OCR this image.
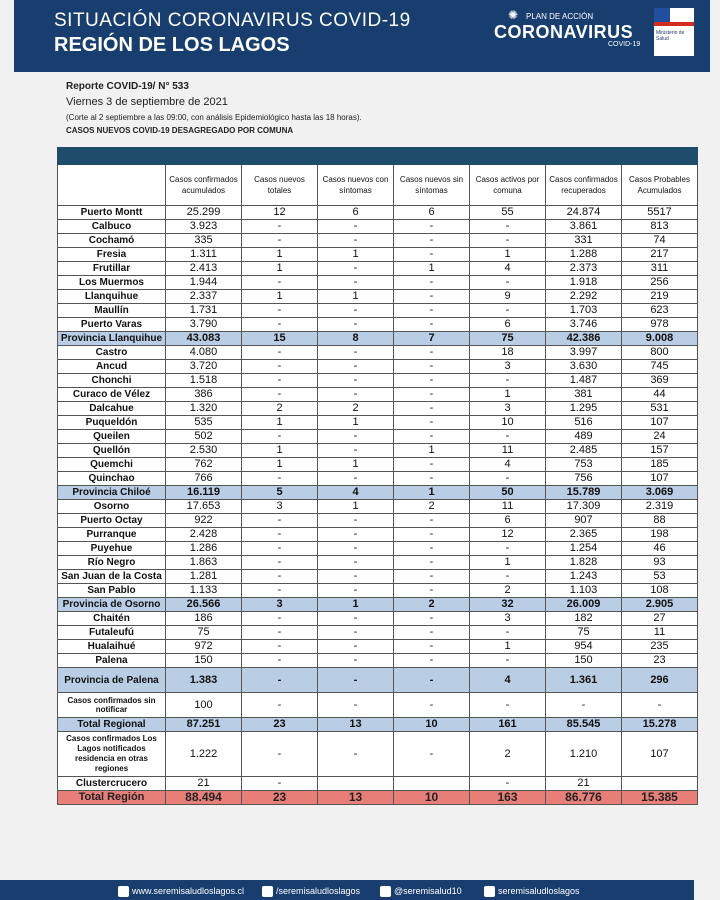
SITUACIÓN CORONAVIRUS COVID-19
REGIÓN DE LOS LAGOS
✺ PLAN DE ACCIÓN
CORONAVIRUS
COVID-19
Ministerio de Salud
Reporte COVID-19/ N° 533
Viernes 3 de septiembre de 2021
(Corte al 2 septiembre a las 09:00, con análisis Epidemiológico hasta las 18 horas).
CASOS NUEVOS COVID-19 DESAGREGADO POR COMUNA

	Casos confirmados acumulados	Casos nuevos totales	Casos nuevos con síntomas	Casos nuevos sin síntomas	Casos activos por comuna	Casos confirmados recuperados	Casos Probables Acumulados
Puerto Montt	25.299	12	6	6	55	24.874	5517
Calbuco	3.923	-	-	-	-	3.861	813
Cochamó	335	-	-	-	-	331	74
Fresia	1.311	1	1	-	1	1.288	217
Frutillar	2.413	1	-	1	4	2.373	311
Los Muermos	1.944	-	-	-	-	1.918	256
Llanquihue	2.337	1	1	-	9	2.292	219
Maullín	1.731	-	-	-	-	1.703	623
Puerto Varas	3.790	-	-	-	6	3.746	978
Provincia Llanquihue	43.083	15	8	7	75	42.386	9.008
Castro	4.080	-	-	-	18	3.997	800
Ancud	3.720	-	-	-	3	3.630	745
Chonchi	1.518	-	-	-	-	1.487	369
Curaco de Vélez	386	-	-	-	1	381	44
Dalcahue	1.320	2	2	-	3	1.295	531
Puqueldón	535	1	1	-	10	516	107
Queilen	502	-	-	-	-	489	24
Quellón	2.530	1	-	1	11	2.485	157
Quemchi	762	1	1	-	4	753	185
Quinchao	766	-	-	-	-	756	107
Provincia Chiloé	16.119	5	4	1	50	15.789	3.069
Osorno	17.653	3	1	2	11	17.309	2.319
Puerto Octay	922	-	-	-	6	907	88
Purranque	2.428	-	-	-	12	2.365	198
Puyehue	1.286	-	-	-	-	1.254	46
Río Negro	1.863	-	-	-	1	1.828	93
San Juan de la Costa	1.281	-	-	-	-	1.243	53
San Pablo	1.133	-	-	-	2	1.103	108
Provincia de Osorno	26.566	3	1	2	32	26.009	2.905
Chaitén	186	-	-	-	3	182	27
Futaleufú	75	-	-	-	-	75	11
Hualaihué	972	-	-	-	1	954	235
Palena	150	-	-	-	-	150	23
Provincia de Palena	1.383	-	-	-	4	1.361	296
Casos confirmados sin notificar	100	-	-	-	-	-	-
Total Regional	87.251	23	13	10	161	85.545	15.278
Casos confirmados Los Lagos notificados residencia en otras regiones	1.222	-	-	-	2	1.210	107
Clustercrucero	21	-			-	21	
Total Región	88.494	23	13	10	163	86.776	15.385
www.seremisaludloslagos.cl	/seremisaludloslagos	@seremisalud10	seremisaludloslagos
